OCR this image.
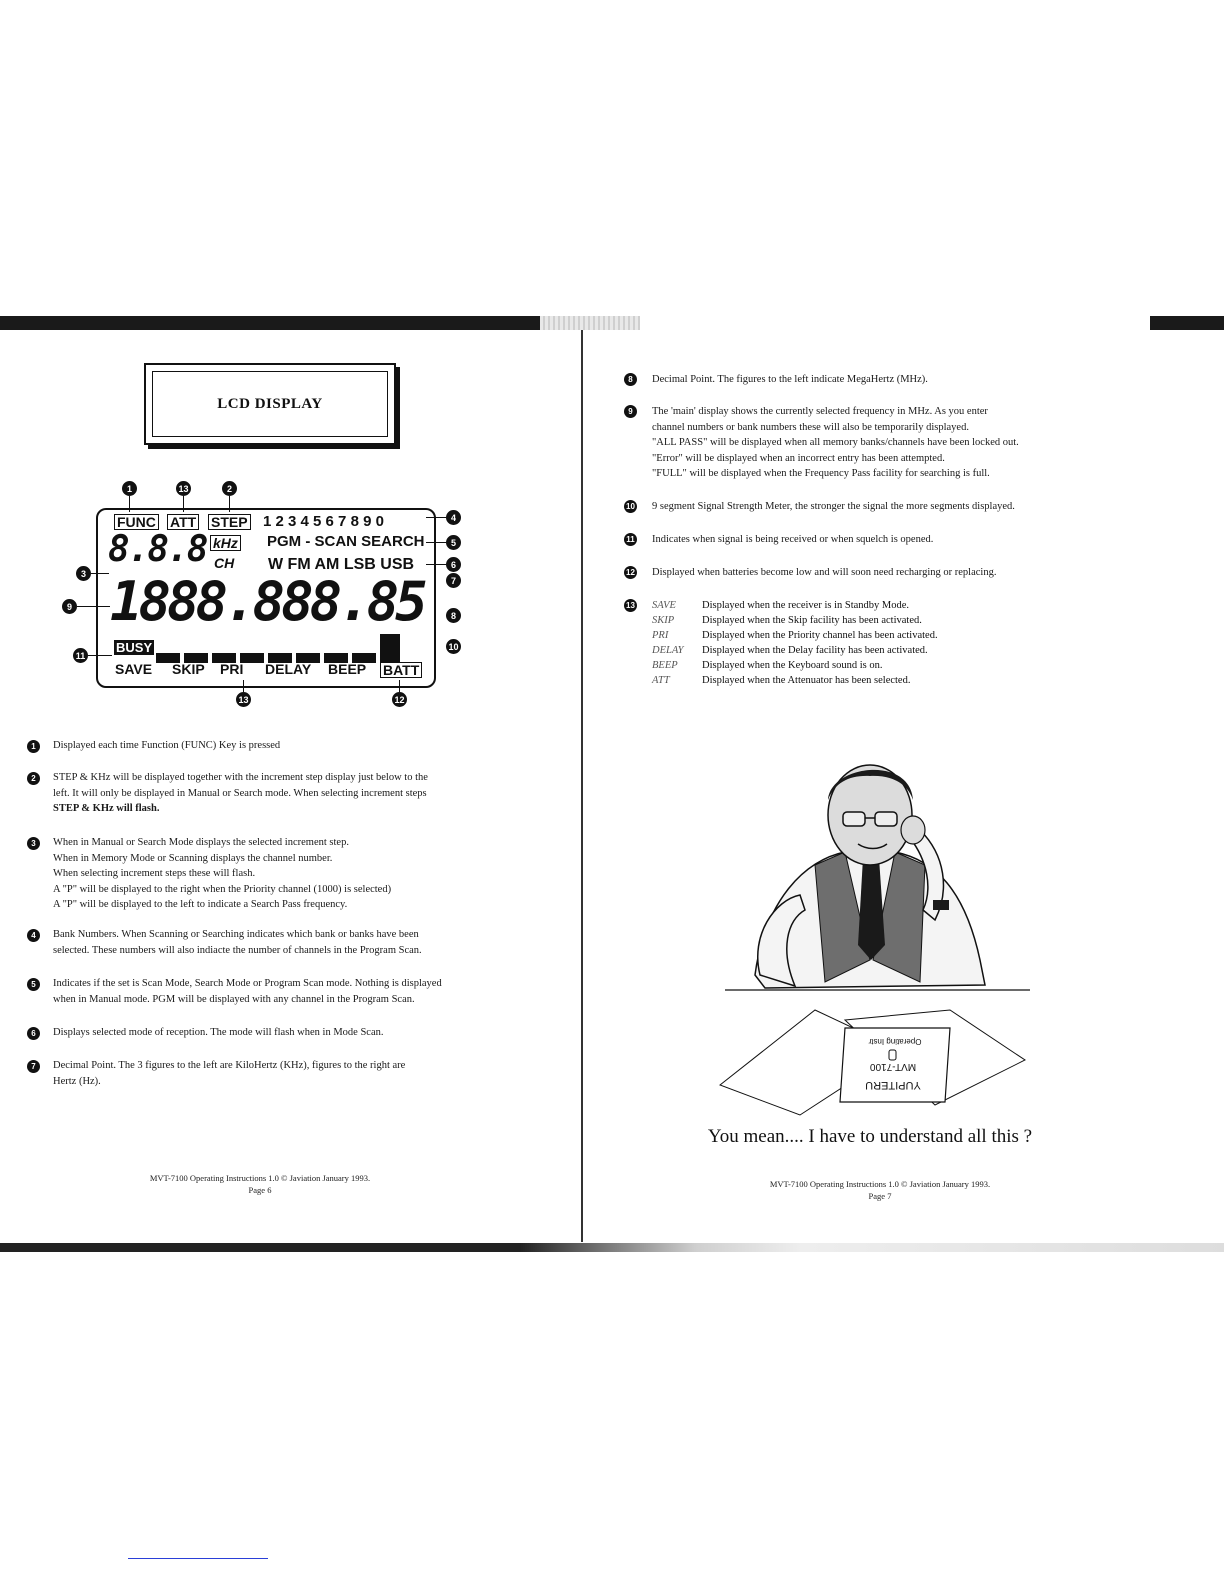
LCD DISPLAY
1	13	2
FUNC ATT STEP 1 2 3 4 5 6 7 8 9 0
8.8.8 kHz
CH
PGM - SCAN SEARCH
W FM AM LSB USB
1888.888.85
BUSY
SAVE SKIP PRI DELAY BEEP BATT
4
5
6
7
8
10
3
9
11
13	12
1	Displayed each time Function (FUNC) Key is pressed

2	STEP & KHz will be displayed together with the increment step display just below to the

left. It will only be displayed in Manual or Search mode. When selecting increment steps

STEP & KHz will flash.

3	When in Manual or Search Mode displays the selected increment step.

When in Memory Mode or Scanning displays the channel number.

When selecting increment steps these will flash.

A "P" will be displayed to the right when the Priority channel (1000) is selected)

A "P" will be displayed to the left to indicate a Search Pass frequency.

4	Bank Numbers. When Scanning or Searching indicates which bank or banks have been

selected. These numbers will also indiacte the number of channels in the Program Scan.

5	Indicates if the set is Scan Mode, Search Mode or Program Scan mode. Nothing is displayed

when in Manual mode. PGM will be displayed with any channel in the Program Scan.

6	Displays selected mode of reception. The mode will flash when in Mode Scan.

7	Decimal Point. The 3 figures to the left are KiloHertz (KHz), figures to the right are

Hertz (Hz).

MVT-7100 Operating Instructions 1.0 © Javiation January 1993.
Page 6
8	Decimal Point. The figures to the left indicate MegaHertz (MHz).

9	The 'main' display shows the currently selected frequency in MHz. As you enter

channel numbers or bank numbers these will also be temporarily displayed.

"ALL PASS" will be displayed when all memory banks/channels have been locked out.

"Error" will be displayed when an incorrect entry has been attempted.

"FULL" will be displayed when the Frequency Pass facility for searching is full.

10 9 segment Signal Strength Meter, the stronger the signal the more segments displayed.

11 Indicates when signal is being received or when squelch is opened.

12 Displayed when batteries become low and will soon need recharging or replacing.

13 SAVE Displayed when the receiver is in Standby Mode.
SKIP	Displayed when the Skip facility has been activated.
PRI	Displayed when the Priority channel has been activated.
DELAY Displayed when the Delay facility has been activated.
BEEP Displayed when the Keyboard sound is on.
ATT	Displayed when the Attenuator has been selected.
Operating Instr
MVT-7100
YUPITERU
You mean.... I have to understand all this ?
MVT-7100 Operating Instructions 1.0 © Javiation January 1993.
Page 7
